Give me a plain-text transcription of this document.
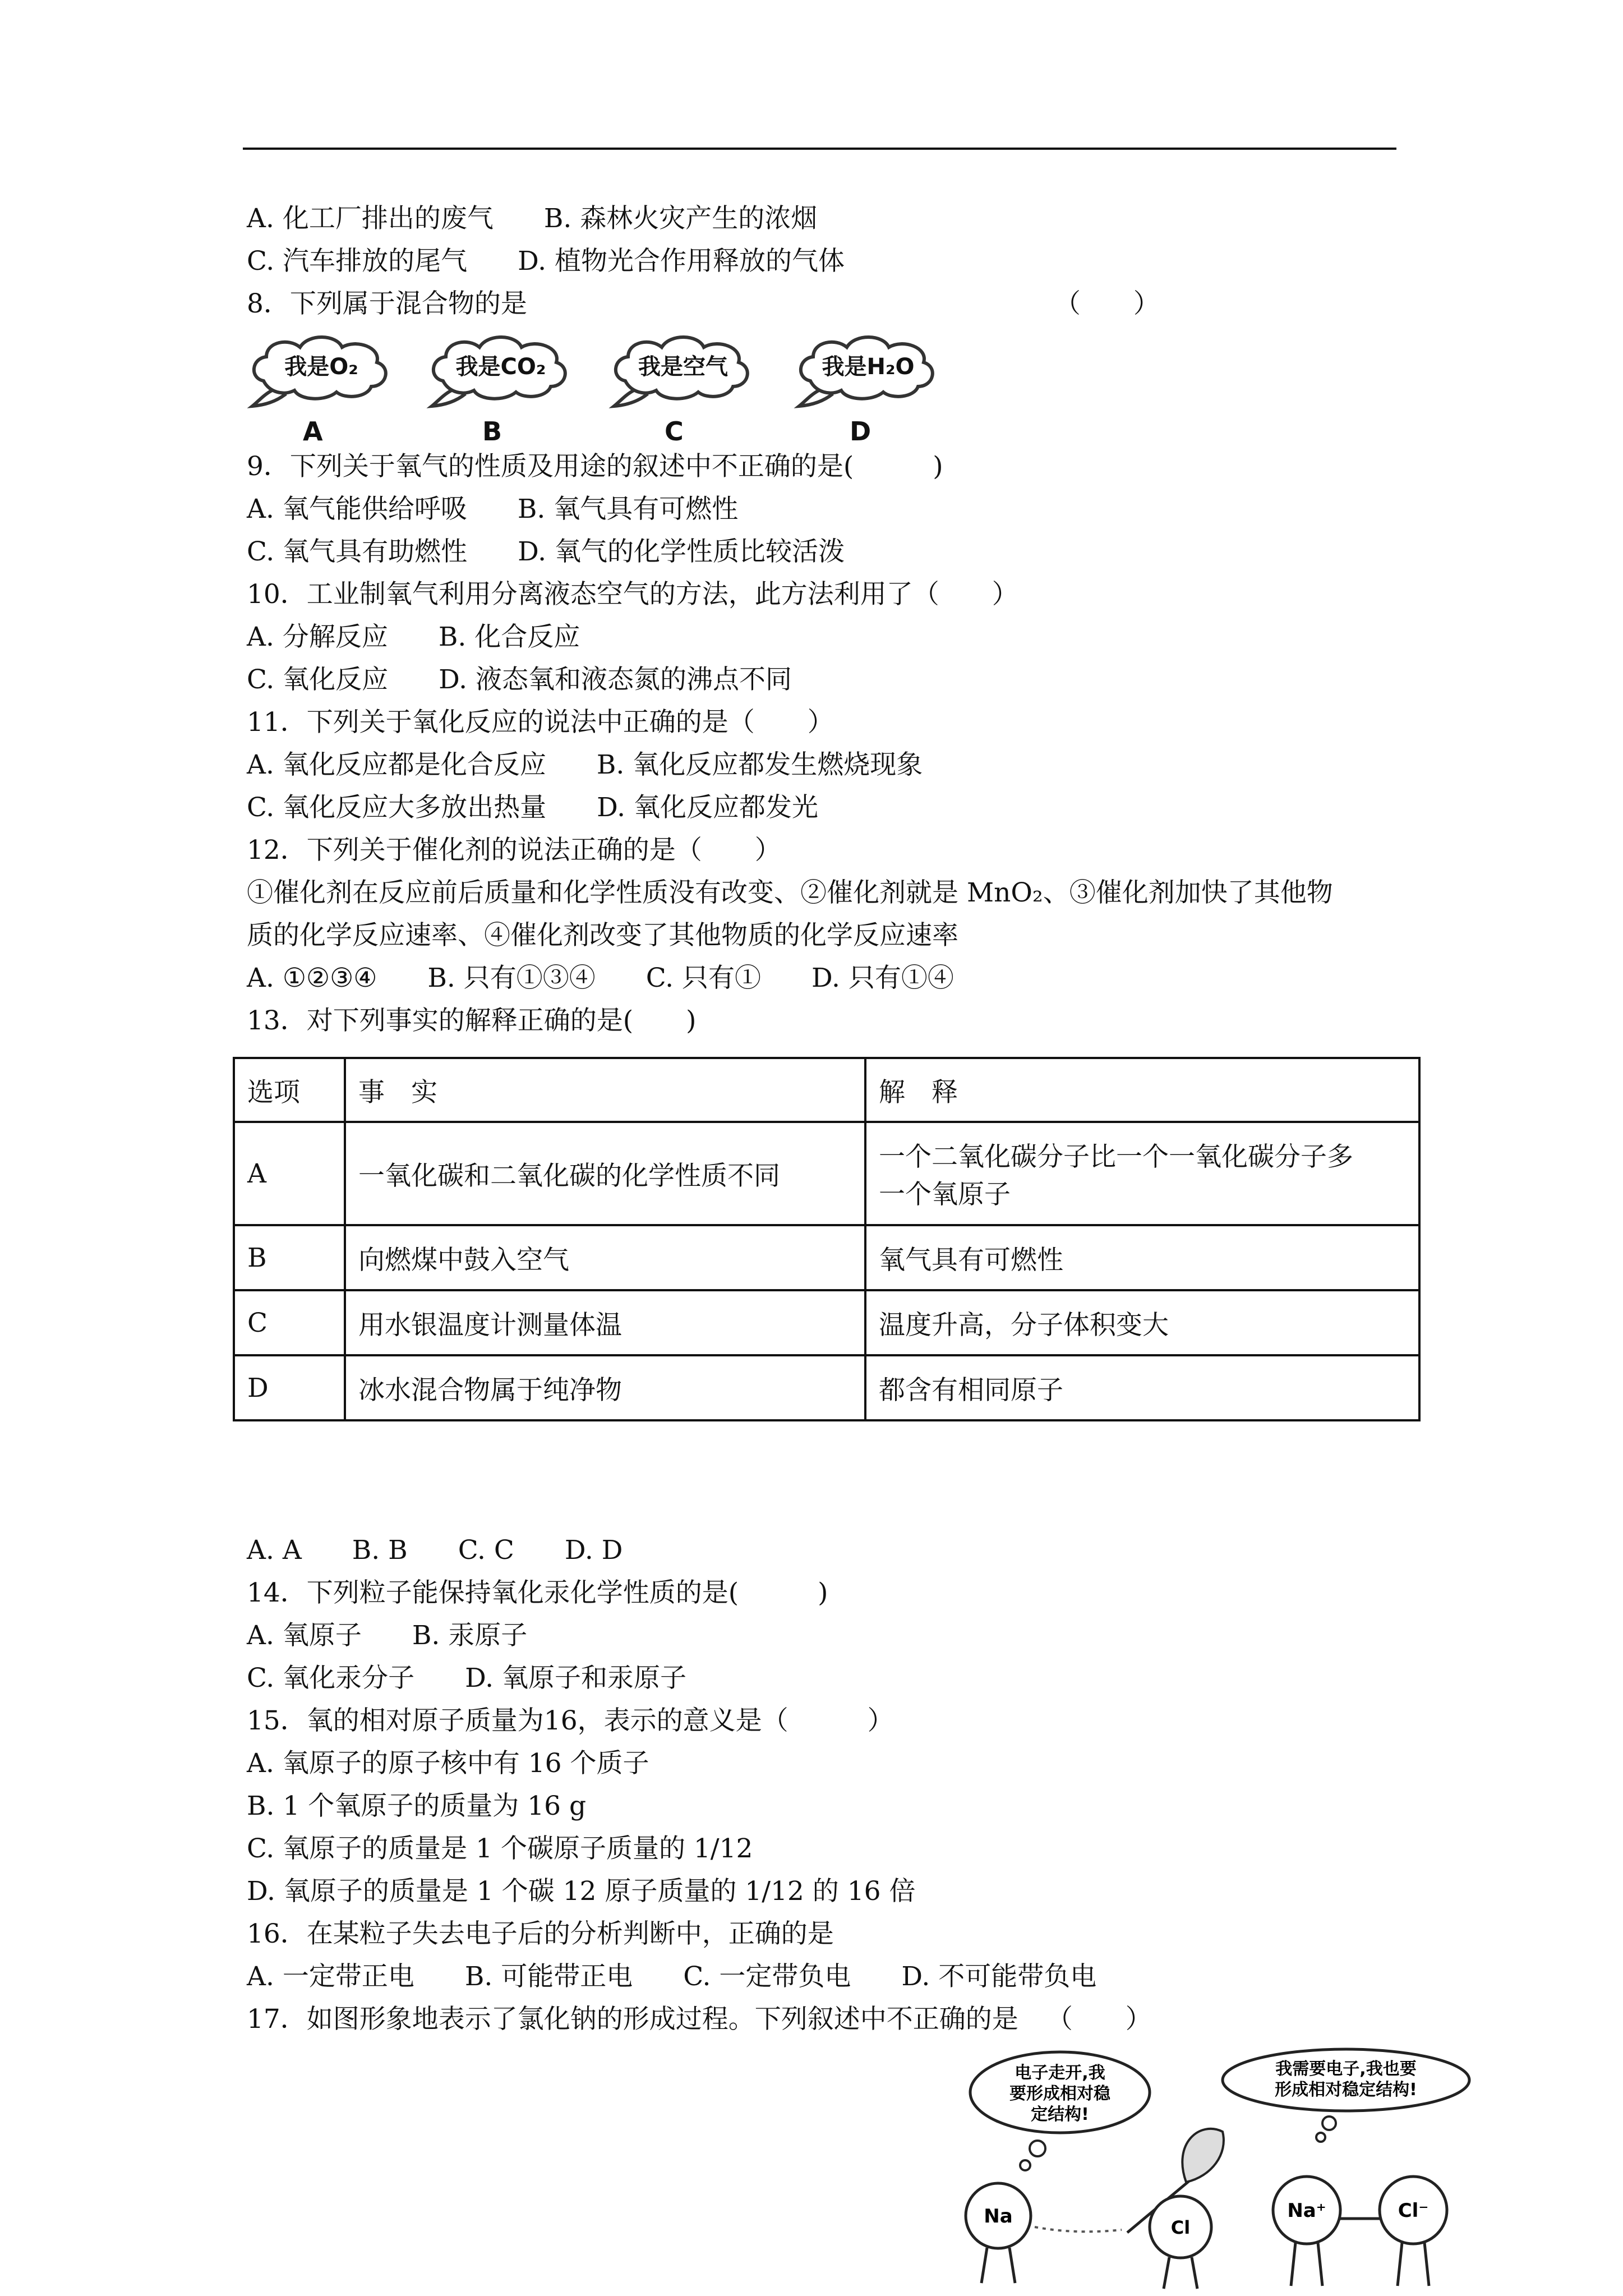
A. 化工厂排出的废气 B. 森林火灾产生的浓烟
C. 汽车排放的尾气 D. 植物光合作用释放的气体
8．下列属于混合物的是	（　　）
我是O₂
A
我是CO₂
B
我是空气
C
我是H₂O
D
9．下列关于氧气的性质及用途的叙述中不正确的是(　　　)
A. 氧气能供给呼吸 B. 氧气具有可燃性
C. 氧气具有助燃性 D. 氧气的化学性质比较活泼
10．工业制氧气利用分离液态空气的方法，此方法利用了（　　）
A. 分解反应 B. 化合反应
C. 氧化反应 D. 液态氧和液态氮的沸点不同
11．下列关于氧化反应的说法中正确的是（　　）
A. 氧化反应都是化合反应 B. 氧化反应都发生燃烧现象
C. 氧化反应大多放出热量 D. 氧化反应都发光
12．下列关于催化剂的说法正确的是（　　）
①催化剂在反应前后质量和化学性质没有改变、②催化剂就是 MnO₂、③催化剂加快了其他物
质的化学反应速率、④催化剂改变了其他物质的化学反应速率
A. ①②③④ B. 只有①③④ C. 只有① D. 只有①④
13．对下列事实的解释正确的是(　　)
选项	事　实	解　释
A	一氧化碳和二氧化碳的化学性质不同	一个二氧化碳分子比一个一氧化碳分子多
一个氧原子

B	向燃煤中鼓入空气	氧气具有可燃性
C	用水银温度计测量体温	温度升高，分子体积变大
D	冰水混合物属于纯净物	都含有相同原子
A. A B. B C. C D. D
14．下列粒子能保持氧化汞化学性质的是(　　　)
A. 氧原子 B. 汞原子
C. 氧化汞分子 D. 氧原子和汞原子
15．氧的相对原子质量为16，表示的意义是（　　　）
A. 氧原子的原子核中有 16 个质子
B. 1 个氧原子的质量为 16 g
C. 氧原子的质量是 1 个碳原子质量的 1/12
D. 氧原子的质量是 1 个碳 12 原子质量的 1/12 的 16 倍
16．在某粒子失去电子后的分析判断中，正确的是
A. 一定带正电 B. 可能带正电 C. 一定带负电 D. 不可能带负电
17．如图形象地表示了氯化钠的形成过程。下列叙述中不正确的是 （　　）
电子走开,我
要形成相对稳
定结构!
我需要电子,我也要
形成相对稳定结构!
Na	Cl
Na⁺	Cl⁻
